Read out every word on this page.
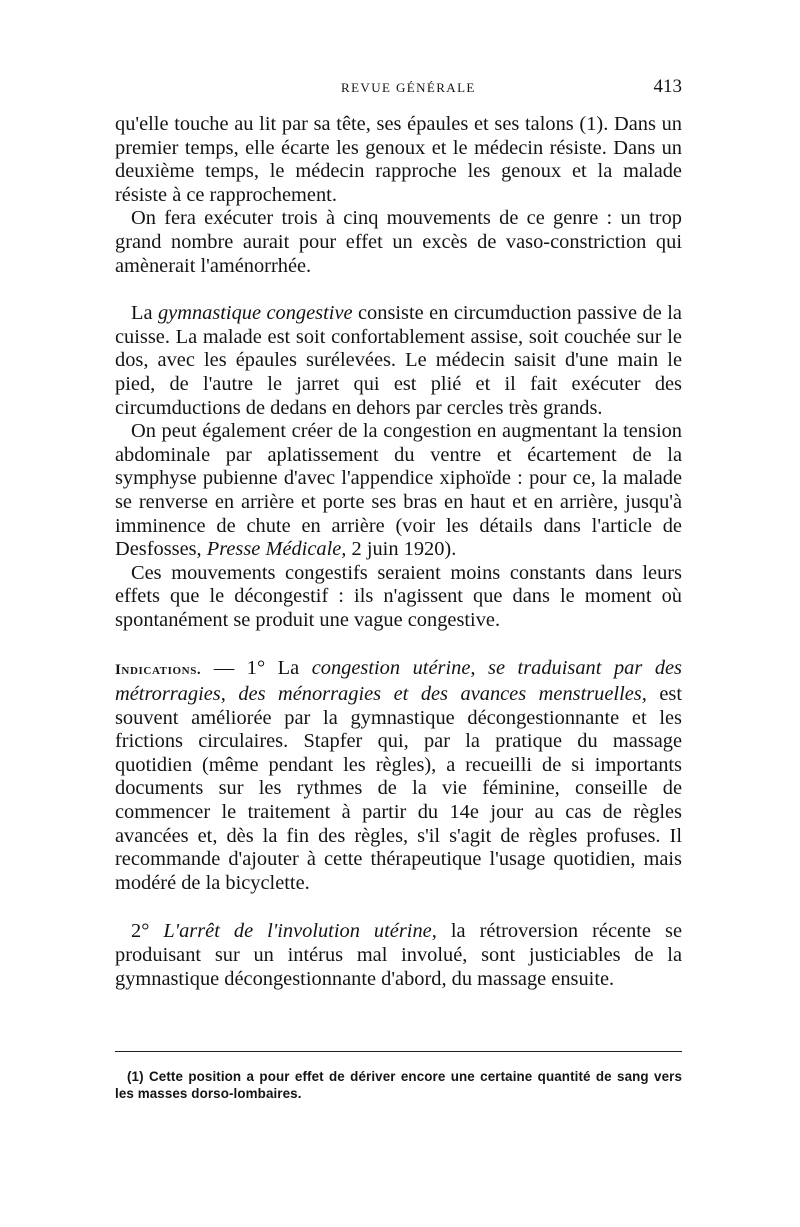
REVUE GÉNÉRALE	413

qu'elle touche au lit par sa tête, ses épaules et ses talons (1). Dans un premier temps, elle écarte les genoux et le médecin résiste. Dans un deuxième temps, le médecin rapproche les genoux et la malade résiste à ce rapprochement.

On fera exécuter trois à cinq mouvements de ce genre : un trop grand nombre aurait pour effet un excès de vaso-constriction qui amènerait l'aménorrhée.

La gymnastique congestive consiste en circumduction passive de la cuisse. La malade est soit confortablement assise, soit couchée sur le dos, avec les épaules surélevées. Le médecin saisit d'une main le pied, de l'autre le jarret qui est plié et il fait exécuter des circumductions de dedans en dehors par cercles très grands.

On peut également créer de la congestion en augmentant la tension abdominale par aplatissement du ventre et écartement de la symphyse pubienne d'avec l'appendice xiphoïde : pour ce, la malade se renverse en arrière et porte ses bras en haut et en arrière, jusqu'à imminence de chute en arrière (voir les détails dans l'article de Desfosses, Presse Médicale, 2 juin 1920).

Ces mouvements congestifs seraient moins constants dans leurs effets que le décongestif : ils n'agissent que dans le moment où spontanément se produit une vague congestive.

Indications. — 1° La congestion utérine, se traduisant par des métrorragies, des ménorragies et des avances menstruelles, est souvent améliorée par la gymnastique décongestionnante et les frictions circulaires. Stapfer qui, par la pratique du massage quotidien (même pendant les règles), a recueilli de si importants documents sur les rythmes de la vie féminine, conseille de commencer le traitement à partir du 14e jour au cas de règles avancées et, dès la fin des règles, s'il s'agit de règles profuses. Il recommande d'ajouter à cette thérapeutique l'usage quotidien, mais modéré de la bicyclette.

2° L'arrêt de l'involution utérine, la rétroversion récente se produisant sur un intérus mal involué, sont justiciables de la gymnastique décongestionnante d'abord, du massage ensuite.

(1) Cette position a pour effet de dériver encore une certaine quantité de sang vers les masses dorso-lombaires.
